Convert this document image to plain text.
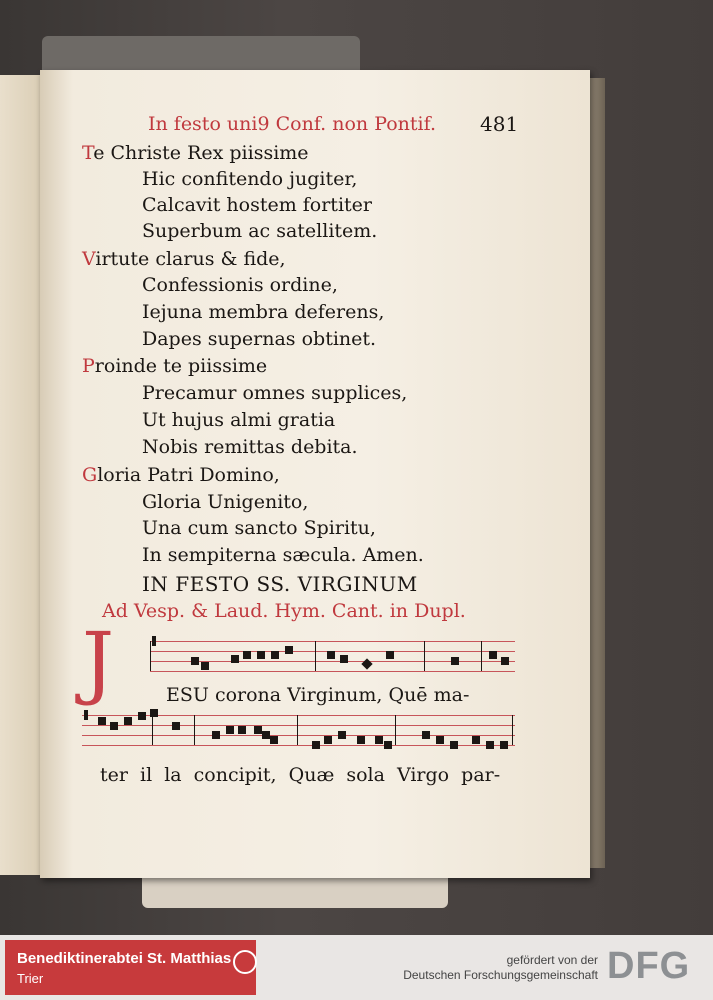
In festo uni9 Conf. non Pontif. 481
Te Christe Rex piissime
Hic confitendo jugiter,
Calcavit hostem fortiter
Superbum ac satellitem.
Virtute clarus & fide,
Confessionis ordine,
Iejuna membra deferens,
Dapes supernas obtinet.
Proinde te piissime
Precamur omnes supplices,
Ut hujus almi gratia
Nobis remittas debita.
Gloria Patri Domino,
Gloria Unigenito,
Una cum sancto Spiritu,
In sempiterna sæcula. Amen.
IN FESTO SS. VIRGINUM
Ad Vesp. & Laud. Hym. Cant. in Dupl.
J	ESU corona Virginum, Quē ma-
ter il la concipit, Quæ sola Virgo par-
Benediktinerabtei St. Matthias
Trier
gefördert von der
Deutschen Forschungsgemeinschaft DFG
